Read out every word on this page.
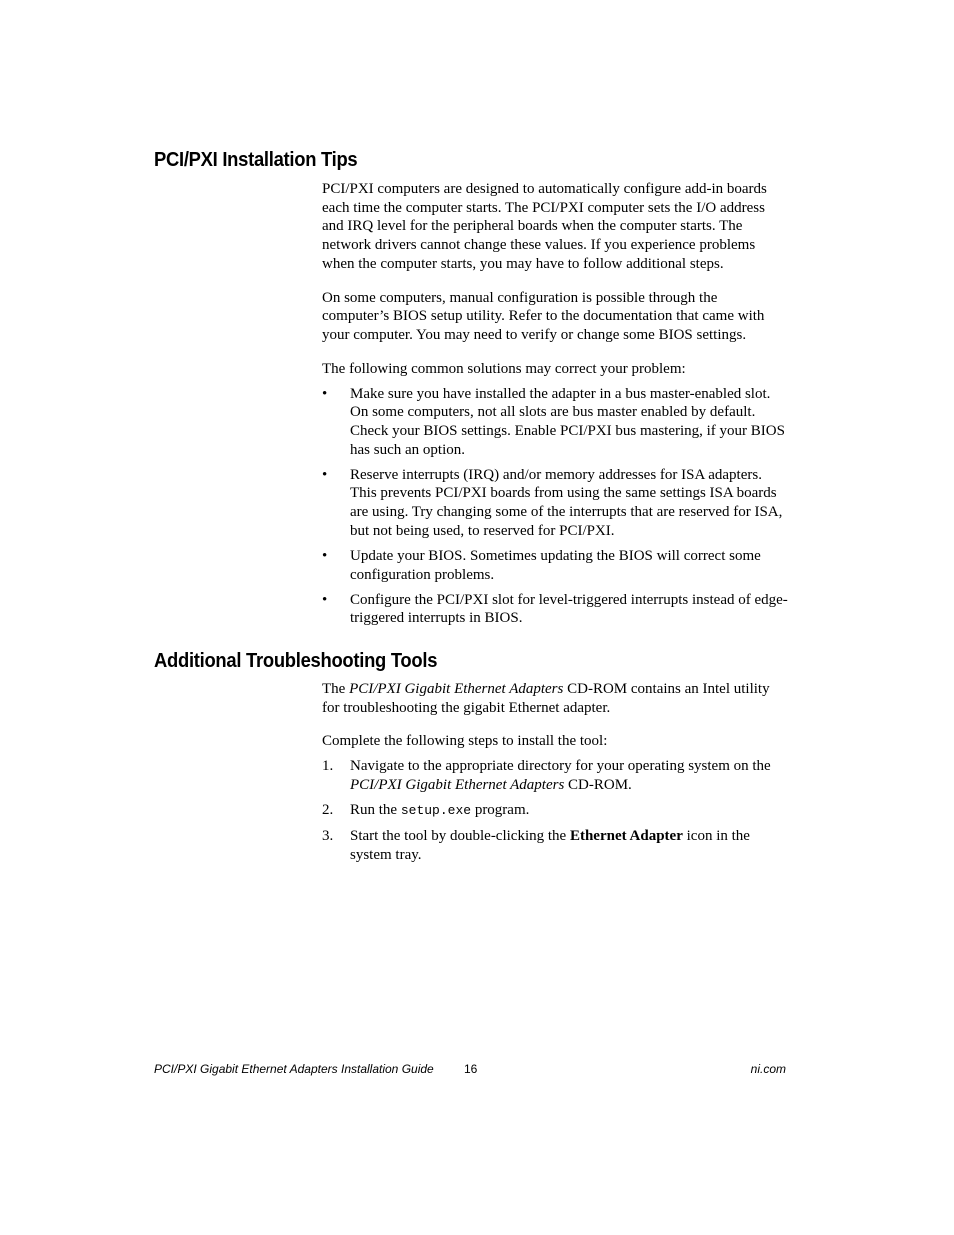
PCI/PXI Installation Tips

PCI/PXI computers are designed to automatically configure add-in boards each time the computer starts. The PCI/PXI computer sets the I/O address and IRQ level for the peripheral boards when the computer starts. The network drivers cannot change these values. If you experience problems when the computer starts, you may have to follow additional steps.

On some computers, manual configuration is possible through the computer’s BIOS setup utility. Refer to the documentation that came with your computer. You may need to verify or change some BIOS settings.

The following common solutions may correct your problem:

• Make sure you have installed the adapter in a bus master-enabled slot. On some computers, not all slots are bus master enabled by default. Check your BIOS settings. Enable PCI/PXI bus mastering, if your BIOS has such an option.
• Reserve interrupts (IRQ) and/or memory addresses for ISA adapters. This prevents PCI/PXI boards from using the same settings ISA boards are using. Try changing some of the interrupts that are reserved for ISA, but not being used, to reserved for PCI/PXI.
• Update your BIOS. Sometimes updating the BIOS will correct some configuration problems.
• Configure the PCI/PXI slot for level-triggered interrupts instead of edge-triggered interrupts in BIOS.
Additional Troubleshooting Tools

The PCI/PXI Gigabit Ethernet Adapters CD-ROM contains an Intel utility for troubleshooting the gigabit Ethernet adapter.

Complete the following steps to install the tool:

1. Navigate to the appropriate directory for your operating system on the PCI/PXI Gigabit Ethernet Adapters CD-ROM.
2. Run the setup.exe program.
3. Start the tool by double-clicking the Ethernet Adapter icon in the system tray.
PCI/PXI Gigabit Ethernet Adapters Installation Guide	16	ni.com
